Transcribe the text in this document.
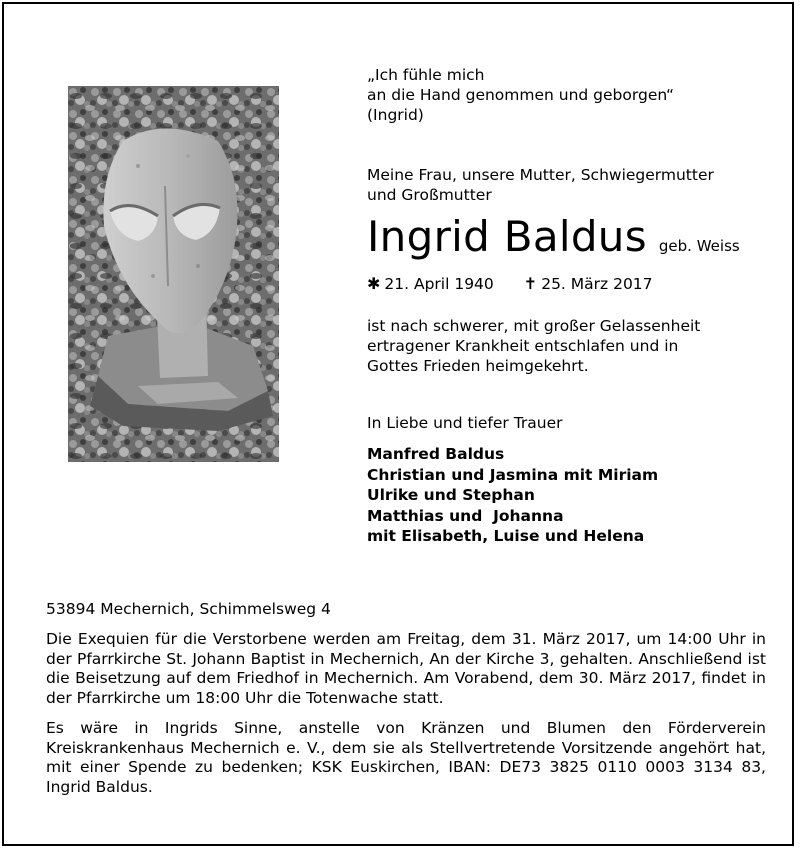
„Ich fühle mich
an die Hand genommen und geborgen“
(Ingrid)
Meine Frau, unsere Mutter, Schwiegermutter
und Großmutter
Ingrid Baldus geb. Weiss
✱ 21. April 1940 ✝ 25. März 2017
ist nach schwerer, mit großer Gelassenheit
ertragener Krankheit entschlafen und in
Gottes Frieden heimgekehrt.
In Liebe und tiefer Trauer
Manfred Baldus
Christian und Jasmina mit Miriam
Ulrike und Stephan
Matthias und  Johanna
mit Elisabeth, Luise und Helena
53894 Mechernich, Schimmelsweg 4
Die Exequien für die Verstorbene werden am Freitag, dem 31. März 2017, um 14:00 Uhr in der Pfarrkirche St. Johann Baptist in Mechernich, An der Kirche 3, gehalten. Anschließend ist die Beisetzung auf dem Friedhof in Mechernich. Am Vorabend, dem 30. März 2017, findet in der Pfarrkirche um 18:00 Uhr die Totenwache statt.
Es wäre in Ingrids Sinne, anstelle von Kränzen und Blumen den Förderverein Kreiskrankenhaus Mechernich e. V., dem sie als Stellvertretende Vorsitzende angehört hat, mit einer Spende zu bedenken; KSK Euskirchen, IBAN: DE73 3825 0110 0003 3134 83, Ingrid Baldus.
